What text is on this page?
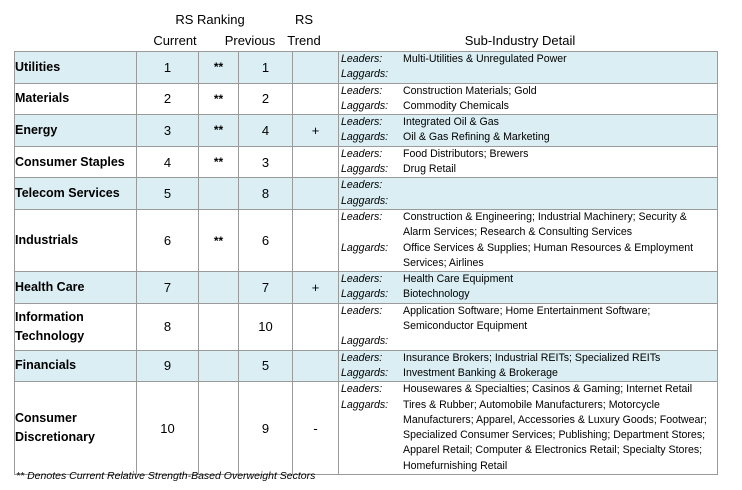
RS Ranking
Current	Previous
RS
Trend	Sub-Industry Detail
Utilities	1	**	1		Leaders: Multi-Utilities & Unregulated Power
Laggards:

Materials	2	**	2		Leaders: Construction Materials; Gold
Laggards: Commodity Chemicals

Energy	3	**	4	+	Leaders: Integrated Oil & Gas
Laggards: Oil & Gas Refining & Marketing

Consumer Staples	4	**	3		Leaders: Food Distributors; Brewers
Laggards: Drug Retail

Telecom Services	5		8		Leaders:
Laggards:

Industrials	6	**	6		Leaders: Construction & Engineering; Industrial Machinery; Security & Alarm Services; Research & Consulting Services
Laggards: Office Services & Supplies; Human Resources & Employment Services; Airlines

Health Care	7		7	+	Leaders: Health Care Equipment
Laggards: Biotechnology

Information Technology	8		10		Leaders: Application Software; Home Entertainment Software; Semiconductor Equipment
Laggards:

Financials	9		5		Leaders: Insurance Brokers; Industrial REITs; Specialized REITs
Laggards: Investment Banking & Brokerage

Consumer Discretionary	10		9	-	Leaders: Housewares & Specialties; Casinos & Gaming; Internet Retail
Laggards: Tires & Rubber; Automobile Manufacturers; Motorcycle Manufacturers; Apparel, Accessories & Luxury Goods; Footwear; Specialized Consumer Services; Publishing; Department Stores; Apparel Retail; Computer & Electronics Retail; Specialty Stores; Homefurnishing Retail
** Denotes Current Relative Strength-Based Overweight Sectors
